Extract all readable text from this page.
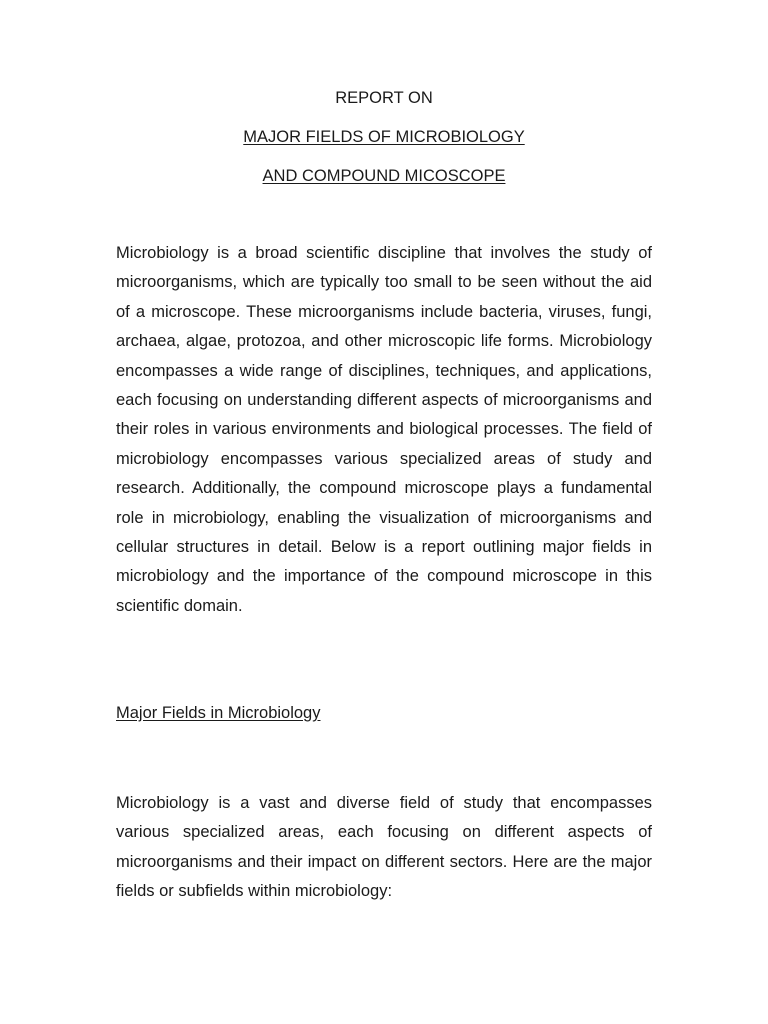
REPORT ON
MAJOR FIELDS OF MICROBIOLOGY
AND COMPOUND MICOSCOPE

Microbiology is a broad scientific discipline that involves the study of microorganisms, which are typically too small to be seen without the aid of a microscope. These microorganisms include bacteria, viruses, fungi, archaea, algae, protozoa, and other microscopic life forms. Microbiology encompasses a wide range of disciplines, techniques, and applications, each focusing on understanding different aspects of microorganisms and their roles in various environments and biological processes. The field of microbiology encompasses various specialized areas of study and research. Additionally, the compound microscope plays a fundamental role in microbiology, enabling the visualization of microorganisms and cellular structures in detail. Below is a report outlining major fields in microbiology and the importance of the compound microscope in this scientific domain.

Major Fields in Microbiology

Microbiology is a vast and diverse field of study that encompasses various specialized areas, each focusing on different aspects of microorganisms and their impact on different sectors. Here are the major fields or subfields within microbiology:
